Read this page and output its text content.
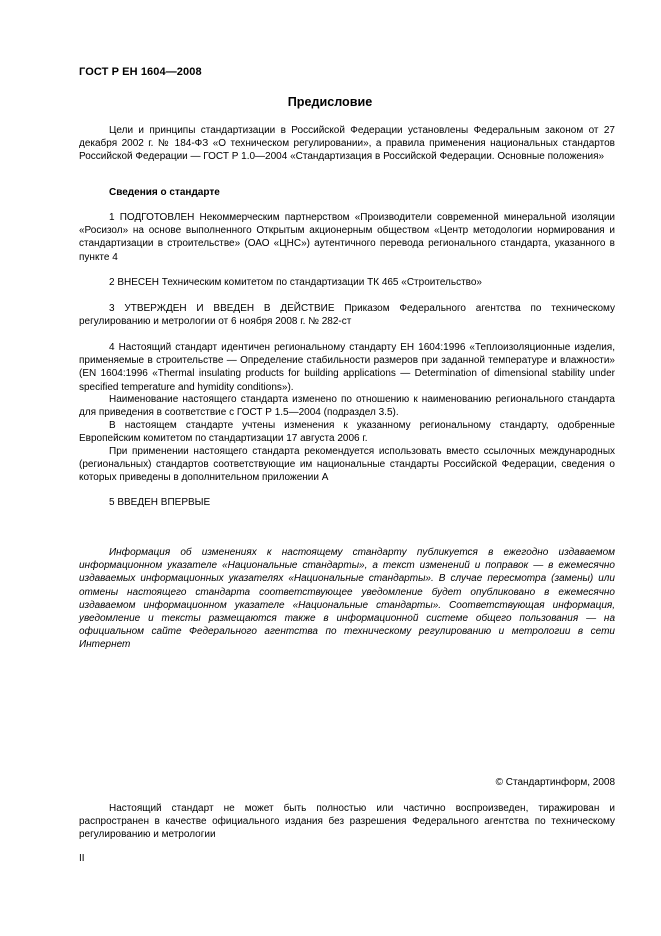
ГОСТ Р ЕН 1604—2008
Предисловие

Цели и принципы стандартизации в Российской Федерации установлены Федеральным законом от 27 декабря 2002 г. № 184-ФЗ «О техническом регулировании», а правила применения национальных стандартов Российской Федерации — ГОСТ Р 1.0—2004 «Стандартизация в Российской Федерации. Основные положения»

Сведения о стандарте

1 ПОДГОТОВЛЕН Некоммерческим партнерством «Производители современной минеральной изоляции «Росизол» на основе выполненного Открытым акционерным обществом «Центр методологии нормирования и стандартизации в строительстве» (ОАО «ЦНС») аутентичного перевода регионального стандарта, указанного в пункте 4

2 ВНЕСЕН Техническим комитетом по стандартизации ТК 465 «Строительство»

3 УТВЕРЖДЕН И ВВЕДЕН В ДЕЙСТВИЕ Приказом Федерального агентства по техническому регулированию и метрологии от 6 ноября 2008 г. № 282-ст

4 Настоящий стандарт идентичен региональному стандарту ЕН 1604:1996 «Теплоизоляционные изделия, применяемые в строительстве — Определение стабильности размеров при заданной температуре и влажности» (EN 1604:1996 «Thermal insulating products for building applications — Determination of dimensional stability under specified temperature and hymidity conditions»).

Наименование настоящего стандарта изменено по отношению к наименованию регионального стандарта для приведения в соответствие с ГОСТ Р 1.5—2004 (подраздел 3.5).

В настоящем стандарте учтены изменения к указанному региональному стандарту, одобренные Европейским комитетом по стандартизации 17 августа 2006 г.

При применении настоящего стандарта рекомендуется использовать вместо ссылочных международных (региональных) стандартов соответствующие им национальные стандарты Российской Федерации, сведения о которых приведены в дополнительном приложении А

5 ВВЕДЕН ВПЕРВЫЕ

Информация об изменениях к настоящему стандарту публикуется в ежегодно издаваемом информационном указателе «Национальные стандарты», а текст изменений и поправок — в ежемесячно издаваемых информационных указателях «Национальные стандарты». В случае пересмотра (замены) или отмены настоящего стандарта соответствующее уведомление будет опубликовано в ежемесячно издаваемом информационном указателе «Национальные стандарты». Соответствующая информация, уведомление и тексты размещаются также в информационной системе общего пользования — на официальном сайте Федерального агентства по техническому регулированию и метрологии в сети Интернет

© Стандартинформ, 2008

Настоящий стандарт не может быть полностью или частично воспроизведен, тиражирован и распространен в качестве официального издания без разрешения Федерального агентства по техническому регулированию и метрологии

II
